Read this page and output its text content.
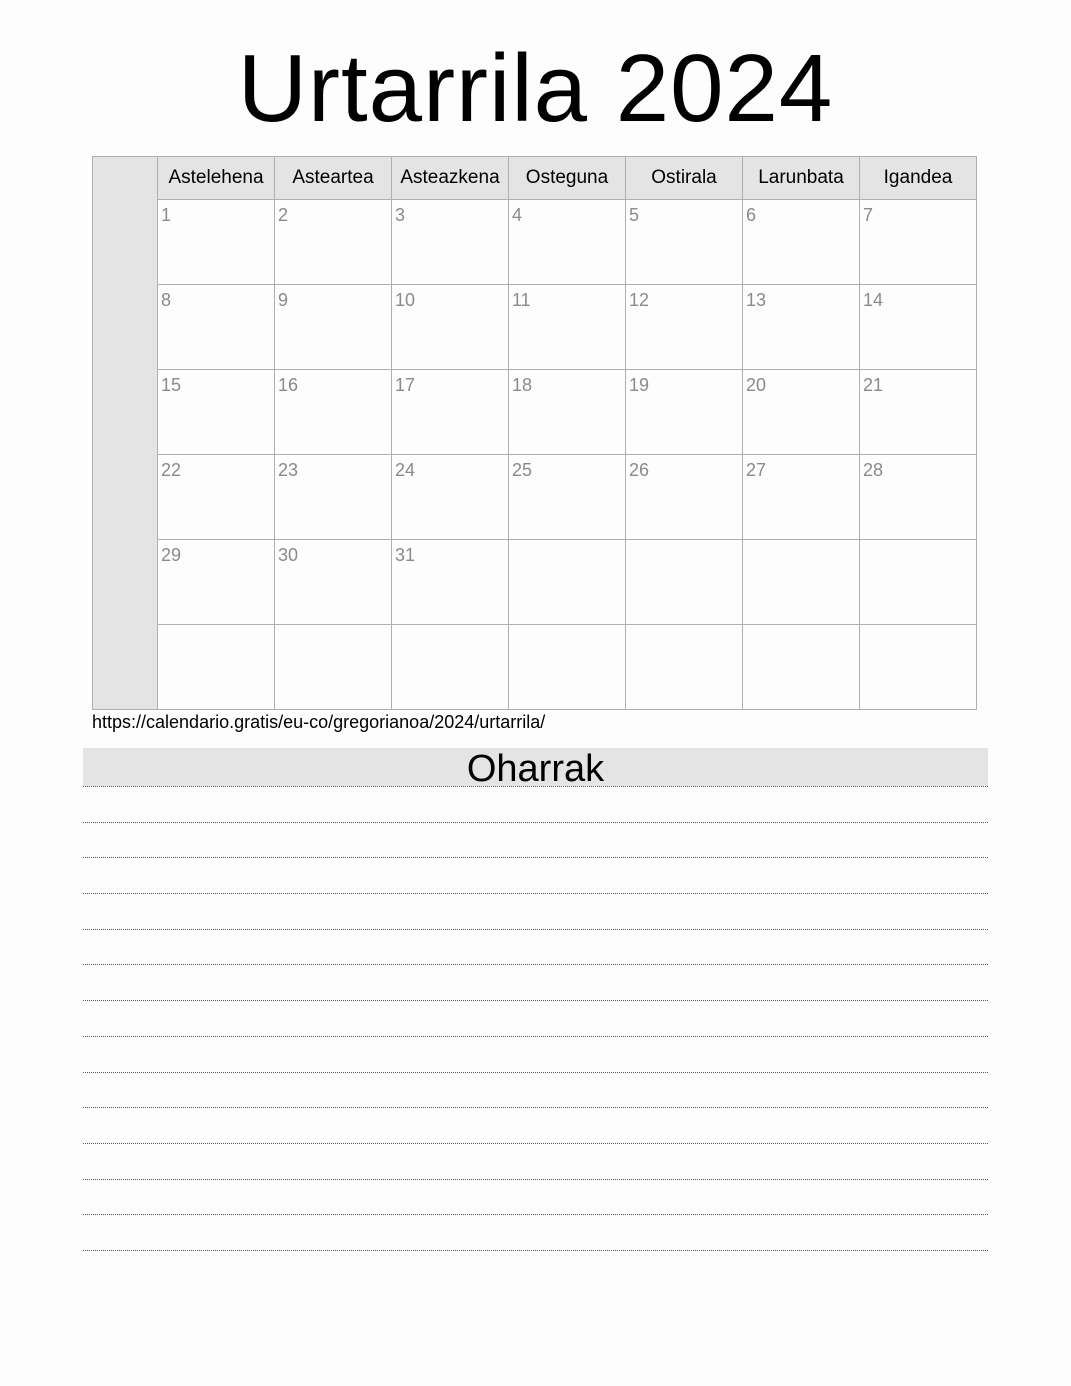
Urtarrila 2024
Astelehena	Asteartea	Asteazkena	Osteguna	Ostirala	Larunbata	Igandea
1	2	3	4	5	6	7
8	9	10	11	12	13	14
15	16	17	18	19	20	21
22	23	24	25	26	27	28
29	30	31
https://calendario.gratis/eu-co/gregorianoa/2024/urtarrila/
Oharrak
